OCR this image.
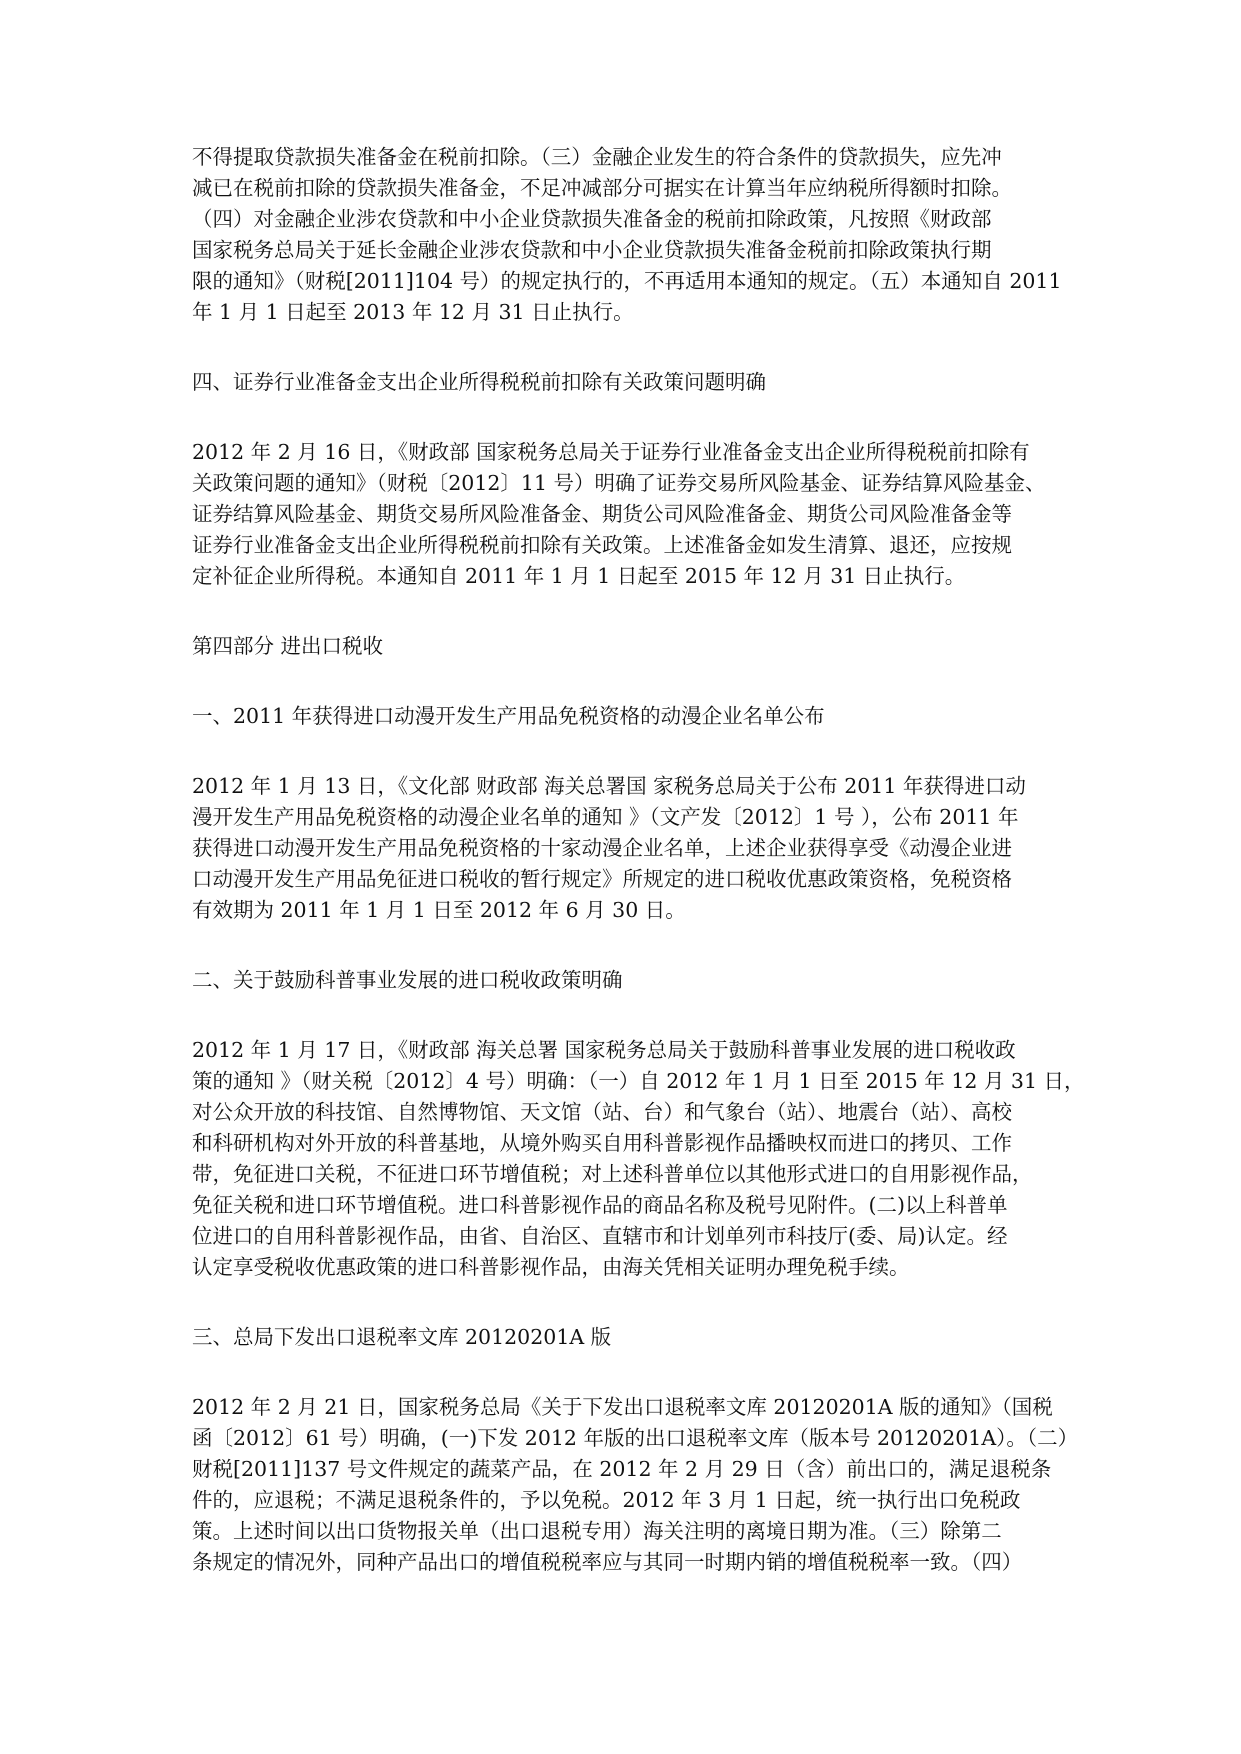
不得提取贷款损失准备金在税前扣除。（三）金融企业发生的符合条件的贷款损失，应先冲
减已在税前扣除的贷款损失准备金，不足冲减部分可据实在计算当年应纳税所得额时扣除。
（四）对金融企业涉农贷款和中小企业贷款损失准备金的税前扣除政策，凡按照《财政部
国家税务总局关于延长金融企业涉农贷款和中小企业贷款损失准备金税前扣除政策执行期
限的通知》（财税[2011]104 号）的规定执行的，不再适用本通知的规定。（五）本通知自 2011
年 1 月 1 日起至 2013 年 12 月 31 日止执行。
四、证券行业准备金支出企业所得税税前扣除有关政策问题明确
2012 年 2 月 16 日，《财政部 国家税务总局关于证券行业准备金支出企业所得税税前扣除有
关政策问题的通知》（财税〔2012〕11 号）明确了证券交易所风险基金、证券结算风险基金、
证券结算风险基金、期货交易所风险准备金、期货公司风险准备金、期货公司风险准备金等
证券行业准备金支出企业所得税税前扣除有关政策。上述准备金如发生清算、退还，应按规
定补征企业所得税。本通知自 2011 年 1 月 1 日起至 2015 年 12 月 31 日止执行。
第四部分 进出口税收
一、2011 年获得进口动漫开发生产用品免税资格的动漫企业名单公布
2012 年 1 月 13 日，《文化部 财政部 海关总署国 家税务总局关于公布 2011 年获得进口动
漫开发生产用品免税资格的动漫企业名单的通知 》（文产发〔2012〕1 号 ），公布 2011 年
获得进口动漫开发生产用品免税资格的十家动漫企业名单，上述企业获得享受《动漫企业进
口动漫开发生产用品免征进口税收的暂行规定》所规定的进口税收优惠政策资格，免税资格
有效期为 2011 年 1 月 1 日至 2012 年 6 月 30 日。
二、关于鼓励科普事业发展的进口税收政策明确
2012 年 1 月 17 日，《财政部 海关总署 国家税务总局关于鼓励科普事业发展的进口税收政
策的通知 》（财关税〔2012〕4 号）明确：（一）自 2012 年 1 月 1 日至 2015 年 12 月 31 日，
对公众开放的科技馆、自然博物馆、天文馆（站、台）和气象台（站）、地震台（站）、高校
和科研机构对外开放的科普基地，从境外购买自用科普影视作品播映权而进口的拷贝、工作
带，免征进口关税，不征进口环节增值税；对上述科普单位以其他形式进口的自用影视作品，
免征关税和进口环节增值税。进口科普影视作品的商品名称及税号见附件。(二)以上科普单
位进口的自用科普影视作品，由省、自治区、直辖市和计划单列市科技厅(委、局)认定。经
认定享受税收优惠政策的进口科普影视作品，由海关凭相关证明办理免税手续。
三、总局下发出口退税率文库 20120201A 版
2012 年 2 月 21 日，国家税务总局《关于下发出口退税率文库 20120201A 版的通知》（国税
函〔2012〕61 号）明确，(一)下发 2012 年版的出口退税率文库（版本号 20120201A）。（二）
财税[2011]137 号文件规定的蔬菜产品，在 2012 年 2 月 29 日（含）前出口的，满足退税条
件的，应退税；不满足退税条件的，予以免税。2012 年 3 月 1 日起，统一执行出口免税政
策。上述时间以出口货物报关单（出口退税专用）海关注明的离境日期为准。（三）除第二
条规定的情况外，同种产品出口的增值税税率应与其同一时期内销的增值税税率一致。（四）
